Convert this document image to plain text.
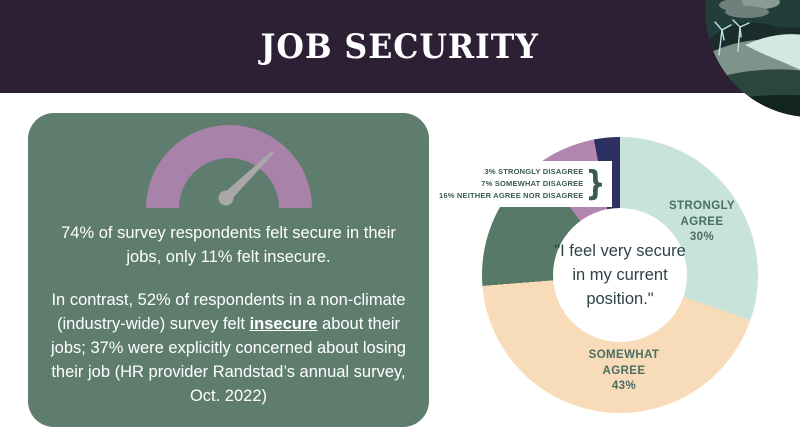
JOB SECURITY

74% of survey respondents felt secure in their jobs, only 11% felt insecure.

In contrast, 52% of respondents in a non-climate (industry-wide) survey felt insecure about their jobs; 37% were explicitly concerned about losing their job (HR provider Randstad’s annual survey, Oct. 2022)

STRONGLY AGREE
30%
SOMEWHAT AGREE
43%
"I feel very secure in my current position."
3% STRONGLY DISAGREE
7% SOMEWHAT DISAGREE
16% NEITHER AGREE NOR DISAGREE }
